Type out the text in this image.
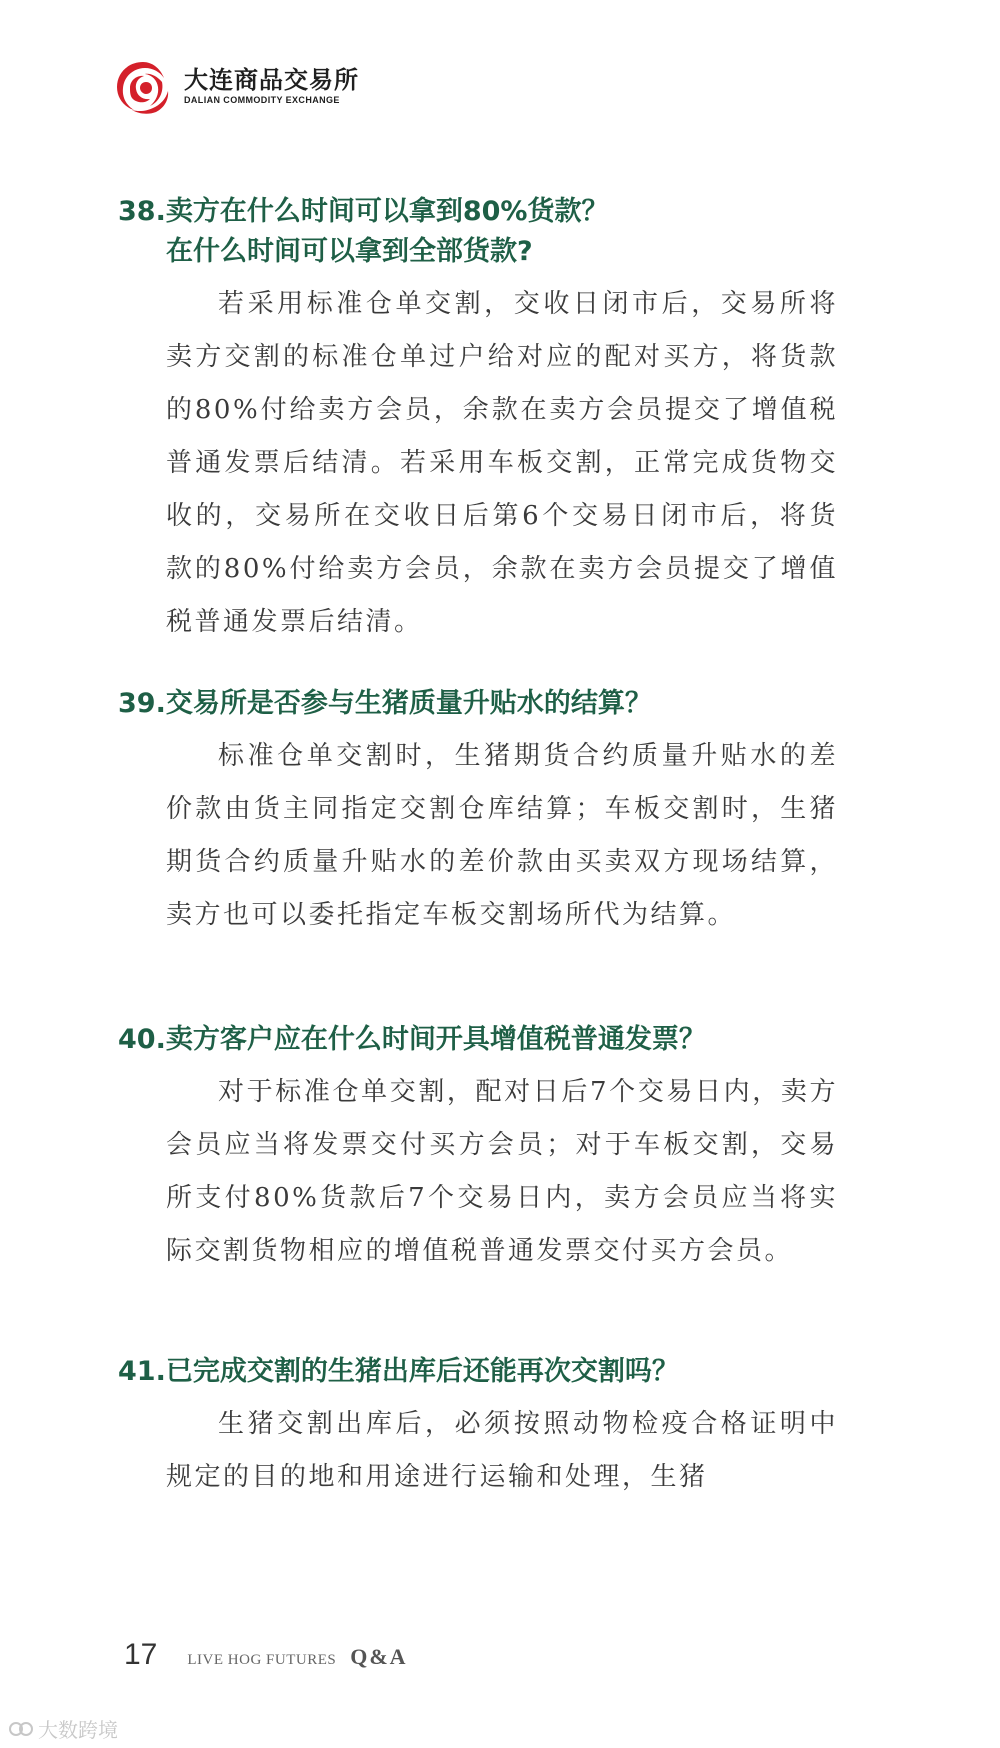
大连商品交易所
DALIAN COMMODITY EXCHANGE
38.卖方在什么时间可以拿到80%货款？
在什么时间可以拿到全部货款?

若采用标准仓单交割，交收日闭市后，交易所将卖方交割的标准仓单过户给对应的配对买方，将货款的80%付给卖方会员，余款在卖方会员提交了增值税普通发票后结清。若采用车板交割，正常完成货物交收的，交易所在交收日后第6个交易日闭市后，将货款的80%付给卖方会员，余款在卖方会员提交了增值税普通发票后结清。

39.交易所是否参与生猪质量升贴水的结算？

标准仓单交割时，生猪期货合约质量升贴水的差价款由货主同指定交割仓库结算；车板交割时，生猪期货合约质量升贴水的差价款由买卖双方现场结算，卖方也可以委托指定车板交割场所代为结算。

40.卖方客户应在什么时间开具增值税普通发票？

对于标准仓单交割，配对日后7个交易日内，卖方会员应当将发票交付买方会员；对于车板交割，交易所支付80%货款后7个交易日内，卖方会员应当将实际交割货物相应的增值税普通发票交付买方会员。

41.已完成交割的生猪出库后还能再次交割吗？

生猪交割出库后，必须按照动物检疫合格证明中规定的目的地和用途进行运输和处理，生猪

17 LIVE HOG FUTURES Q&A
大数跨境
